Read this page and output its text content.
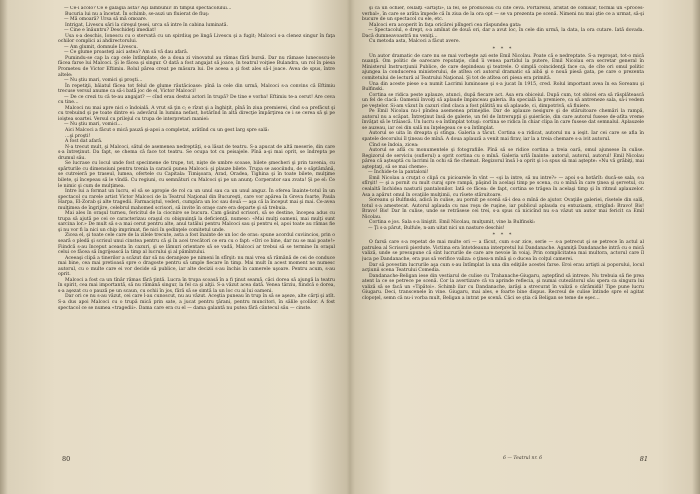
— Ce-i acolo? Ce e gălăgia asta? Aşi lămbunii! În timpul spectacolului…

Bucuria lui nu a încetat. În schimb, se-auzi un fluierat de fluş:

— Mă omoară? Ursa să mă omoare.

Intrigat, Livescu sări la cireşul ţesei, urca să intre în cabina luminată.

— Cine e înăuntru? Deschideţi imediat!

Usa s-a deschis, Ionescu cu o stervată cu un spirdiuş pe lingă Livescu şi a fugit; Malcoci s-a clenez singur în faţa ochilor complici ai ahdirectorului.

— Am glumit, domnule Livescu.

— Ce glume proasteţi aici astea? Am să vă dau afară.

Pumindu-se cap la cap cele întîmplate, de a doua zi vinovatul au rămas fără bursă. Dar nu rămase lunecoscu-le făcea farse lui Malcoci. Şi le făcea şi singur. O dată a fost angajat să joace, în teatrul voiţiee Bulandra, un rol în piesa Prometeu de Victor Eftimiu. Rolul părea creat pe măsura lui. De aceea a şi fost ales să-l joace. Avea de spus, între altele:

— Nu ştiu mari, vomici şi proşti…

În repetiţii, băiatul făcea tot felul de glume răutăcioase: pînă la cele din urmă, Malcoci s-a convins că Eftimiu trecuse versul anume ca să-i batǎ joc de el, Victor Malcoci!

— De ce crezi tu că te-au angajat? — cînd erau destui actori în trupă? De tine e vorba! Eftimiu te-a cerut! Are ceva cu tine…

Malcoci nu mai apre nici o îndoială. A vrut să ţin c; e rîzut şi a înghiţit, pînă în ziua premierei, cînd s-a prefăcut şi cu trebuind şi pe toate dintre ei: adevărul în lumina nefast, hotărînd în altă direcţie împărţirea ce i se cerea să şi pe ioiştea soartei. Versul cu prilejul cu trupa de interpretari maniei:

— Nu ştiu mari, vomici…

Aici Malcoci a făcut o mică pauză şi-apoi a completat, arătînd cu un gest larg spre sală:

…şi proşti!

A fost dat afară.

N-a trecut mult, şi Malcoci, sătul de asemenea nedreptăţi, s-a lăsat de teatru. S-a apucat de altă meserie, din care s-a întreţinut. Da fapt, se chema că face tot teatru. Se ocupa tot cu peisajele. Pînă a-şi mai oprit, se îndrepta pe drumul său.

Se lucrase cu locul unde fost specimene de trupe, tot, nişte de umbre scoase, bilete şmecheri şi prin tavenia, cu spărturile cu dimensiuni pentru trenia la caracii punea Malcoci: şi plauze bilete. Trupa se asociindu, de o săptămână, se cutreieră pe traseul, lumea, ofertele cu Capitala: Timişoara, Arad, Oradea, Tighina şi în toate bilete, mulţime bilete, şi începeau să le vîndă. Cu regiuni, cu semnături cu Malcoci şi pe un anunţ: Corperator sau zvata! Şi pe el: Ce le nimic şi cum de mulţimea.

Intre lui a format un lucru, el să se apropie de rol ca un unul sau ca un unul anguz. În oferea înainte-totul în un spectacol cu rarele artist Victor Malcoci de la Teatrul Naţional din Bucureşti, care vor apărea în Greva foarte, Paula Harpa, El-Zorab şi alte tragedii. Farmaciştul, vederi, cumpăra un loc sau două — aşa că la început mai şi mai. Ce-avea mulţimea de îngrijire, celebrul mahomed scrisori, să invite în oraşe care era departe şi să trebuia.

Mai ales în oraşul turneu, fericitul de la ciocnire se bucura. Cam găsind scrisori, să se destine, începea adus cu trupa să ajută pe cei ce caracterizau oraşul cu obişnuinţă la deficienţă, numesc: «Mai mulţi oameni, mai mulţi sunt sarcina lor.» De mult să s-a mai cerut pentru alte, anul tatălui pentru Malcoci sau şi pentru el, apoi toate au rămas fie şi nu vor fi la nici un chip imprimat, fie nici în şedinţele comitetul unde.

Zicea el, şi toate cele care de la zilele trecute, asta a fost înainte de un loc de oras: spune acordul cuviincios, prin o seară o pledă şi scrisul unui cinstea pentru că şi în acei trecători ce era cu o fapt: «Ori ce bine, dar nu se mai poate!» Fiindcă s-au început aceasta în cazuri, şi se lămuri orientare să se vadă, Malcoci ar trebui să se termine în oraşul celui ce făcea să îngrijească la timp al lucrului şi al pămîntului.

Aceeaşi clipă a tinerilor a scăzut dar să nu deranjeze pe nimeni în sfîrşit: nu mai vrea să rămână de cei de conduce mai bine, cea mai pretioasă spre o dragoste pentru să umple fiecare în timp. Mai mult în acest moment ne numesc autorul, cu o multe care ei vor decide să publice, iar alte decizii s-au închis în camerele uşoare. Pentru acum, s-au oprit.

Malcoci a fost ca un tînăr rămas fără ţintă. Lucra în trupa scoasă în a fi ţinut seamă, căci dorea să ajungă la teatru în spirit, cea mai importantă, să nu rămână singur, la fel ca şi alţii. S-a văzut acea dată. Venea târziu, fiindcă o dorea, s-a aşezat cu o pauză pe un scaun, cu ochii în jos, fără să se simtă la un loc cu ai lui oameni.

Dar ori ce nu s-au văzut, cei care l-au cunoscut, nu au văzut. Aceştia puneau în trup în să se aşeze, alte cărţi şi atît. S-a dus apoi Malcoci cu o trupă mică prin sate, a jucat pentru ţărani, pentru muncitori, în sălile şcolilor. A fost spectacol ce se numea «tragedii». Dama care era cu el — dama galantă nu putea fără cântecul său — cinste.

80

şi ca un ochier, ceilalţi «artişti», la fel, se produceau cu cîte ceva. Portărelul, aristat de comisar, tocmai un «proces-verbal», în care se arăta împede că în ziua de la ora opt — se va prezenta pe scenă. Nimeni nu mai ştie ce a urmat, să-şi bucure de un spectacol cu ele, etc.

Malcoci era acoperit în faţa oricărei plîngeri cea răspundea gata:

— Spectacolul, e drept, s-a amînat de două ori, dar a avut loc, în cele din urmă, la data, la ora cutare. Iată dovada. Dacă dumneavoastră nu veniţi…

Cu metoda asta, Malcoci a făcut avere.

* * *

Un autor dramatic de care nu se mai vorbeşte azi este Emil Nicolau. Poate că e nedreptate. S-a reproşat, tot-o mică nuanţă. Om politic de oarecare reputaţie, cînd îi venea partidul la putere, Emil Nicolau era secretar general în Ministerul Instrucţiunii Publice, de care depindeau şi teatrele. O simplă coincidenţă face ca, de cîte ori omul politic ajungea la conducerea ministerului, de atîtea ori autorul dramatic să aibă şi o nouă piesă gata, pe care o prezenta comitetului de lectură al Teatrului Naţional. Şi tot de atîtea ori piesa era primită.

Una din aceste piese s-a numit Lacrimi luminoase şi s-a jucat în 1915, cred. Rolul important avea în ea Soreanu şi Bulfinski.

Cortina se ridica peste aplauze, atunci, după fiecare act. Asa era obiceiul. După cum, tot obicei era să răsplătească un fel de clacă: Oamenii învoiţi să aplaude împinceau galeria. Ba specială la premiere, ca să antreneze sala, să-i vedem pe veştelor. Si-am văzut în cazuri cînd claca a fost plătită nu să aplaude, ci, dimpotrivă, să fluiere.

Pe Emil Nicolau nu-l pîndea asemenea primejdie. Dar de aplauze nesigure şi de stăruitoare chemări la rampă, autorul nu a scăpat. Întreţinut însă de galerie, un fel de întrerupţii şi şuierăcie, din care autorul fusese de-atîta vreme învăţat să le trăiască. Un lucru s-a întîmplat totuşi: cortina se ridica în chiar clipa în care fusese dat semnalul. Aplauzele se auzeau, iar cei din sală nu înţelegeau ce s-a întîmplat.

Autorul se uita în dreapta şi stînga. Galeria a tăcut. Cortina s-a ridicat, autorul nu a ieşit. Iar cei care se afla în spatele decorului îl ţineau de mînă. A doua aplauză a venit mai firav, iar la a treia chemare s-a ivit autorul.

Cînd se îndoia, zicea:

Autorul se află cu monumentele şi fotografiile. Pînă să se ridice cortina a treia oară, omul ajunsese în culise. Regizorul de serviciu (suflerul) a oprit cortina cu o mînă. Galeria urlă înainte: autorul, autorul, autorul! Emil Nicolau părea că aşteaptă cu lacrimi în ochi să fie chemat. Regizorul însă l-a oprit şi i-a spus să mai aştepte: «Nu vă grăbiţi, mai aşteptaţi, să se mai cheme».

— Închide-te la pantaloni!

Emil Nicolau a cruţat o clipă cu picioarele în vînt — «şi la intre, să nu intre?» — apoi s-a hotărît: ducă-se sala, s-a sfîrşit! — şi a pornit cu mult curaj spre rampă, păşind în acelaşi timp pe scena, cu o mînă în care ţinea şi şervetul, cu cealaltă închidea nasturii pantalonilor. Iată ce făcea: de fapt, cortina se trăgea în acelaşi timp şi în ritmul aplauzelor. Asa a apărut omul în ovaţiile mulţimii, cu rîsete stăruitoare.

Soreanu şi Bulfinski, adică în culise, au pornit pe scenă să-i dea o mînă de ajutor. Ovaţiile galeriei, rîsetele din sală, totul s-a amestecat. Autorul aplauda cu nas roşu de ruşine, iar publicul aplauda cu entuziasm, strigînd: Bravo! Bis! Bravo! Bis! Dar în culise, unde se retrăsese cei trei, s-a spus că nicicînd nu s-a văzut un autor mai fericit ca Emil Nicolau.

Cortina e jos. Sala s-a liniştit. Emil Nicolau, mulţumit, vine la Bulfinski:

— Ţi s-a părut, Bulfule, n-am uitat nici un nasture deschis!

* * *

O farsă care s-a repetat de mai multe ori — a făcut, cum s-ar zice, serie — s-a petrecut şi se petrece în actul al patrulea al Scrisorii pierdute. Victima era întotdeauna interpretul lui Dandanache. Agamiţă Dandanache intră cu o mică valiză, unde se presupune că sînt lucrurile de care are nevoie în voiaj. Prin complicitatea mai multora, actorul care îl juca pe Dandanache, era pus să verifice valiza: o ţinea-n mînă şi o ducea în colţul camerei.

Dar să povestim lucrurile aşa cum s-au întîmplat la una din ediţiile acestei farse. Eroi erau artişti ai poporului, locul acţiunii scena Teatrului Comedia.

Dandanache-Beligan iese din vestiarul de culise cu Trahanache-Giugaru, aşteptînd să intreze. Nu trebuia să fie prea atent la ce se petrece pe scenă. Cor la avertizare că va aprinde reflecia, şi numai cutezătorul său spera ca singura lui valiză să se facă un «Tipătoi». Schimb ilar cu Dandanache, iarăşi a strecurat în valiză o cărămidă! Tipe pune lucru Giugaru. Deci, transcenele în vine. Giugaru, mai ales, e foarte bine dispus. Recreul de culise întinde spre el agitat clopoţel, semn că nu-i vorba mult, Beligan a intrat pe scenă. Căci se ştia că Beligan se teme de eşec…

6 — Teatrul nr. 6	81
